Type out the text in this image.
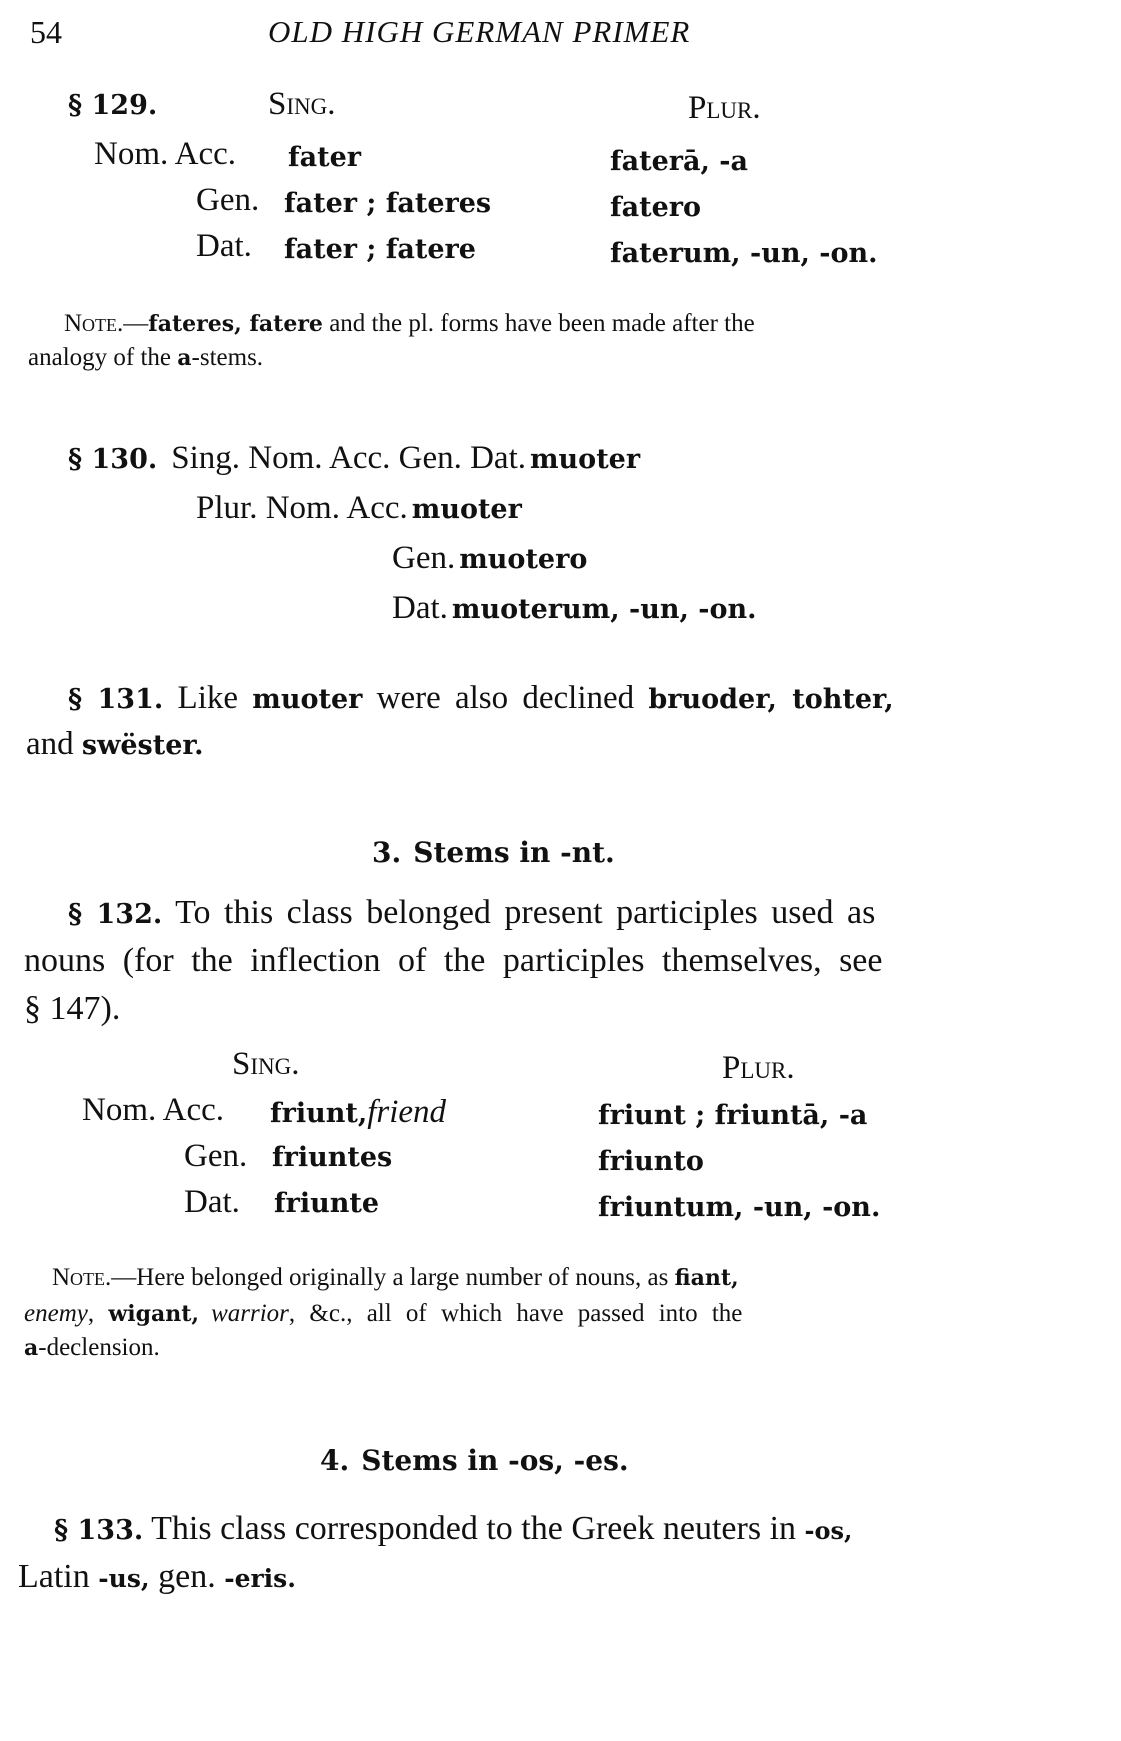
54	OLD HIGH GERMAN PRIMER
§ 129.	Sing.	Plur.
Nom. Acc. fater	faterā, -a
Gen. fater ; fateres	fatero
Dat. fater ; fatere	faterum, -un, -on.
Note.—fateres, fatere and the pl. forms have been made after the
analogy of the a-stems.
§ 130. Sing. Nom. Acc. Gen. Dat. muoter
Plur. Nom. Acc. muoter
Gen. muotero
Dat. muoterum, -un, -on.
§ 131. Like muoter were also declined bruoder, tohter,
and swëster.
3. Stems in -nt.
§ 132. To this class belonged present participles used as
nouns (for the inflection of the participles themselves, see
§ 147).
Sing.	Plur.
Nom. Acc. friunt,friend	friunt ; friuntā, -a
Gen. friuntes	friunto
Dat. friunte	friuntum, -un, -on.
Note.—Here belonged originally a large number of nouns, as fiant,
enemy, wigant, warrior, &c., all of which have passed into the
a-declension.
4. Stems in -os, -es.
§ 133. This class corresponded to the Greek neuters in -os,
Latin -us, gen. -eris.
